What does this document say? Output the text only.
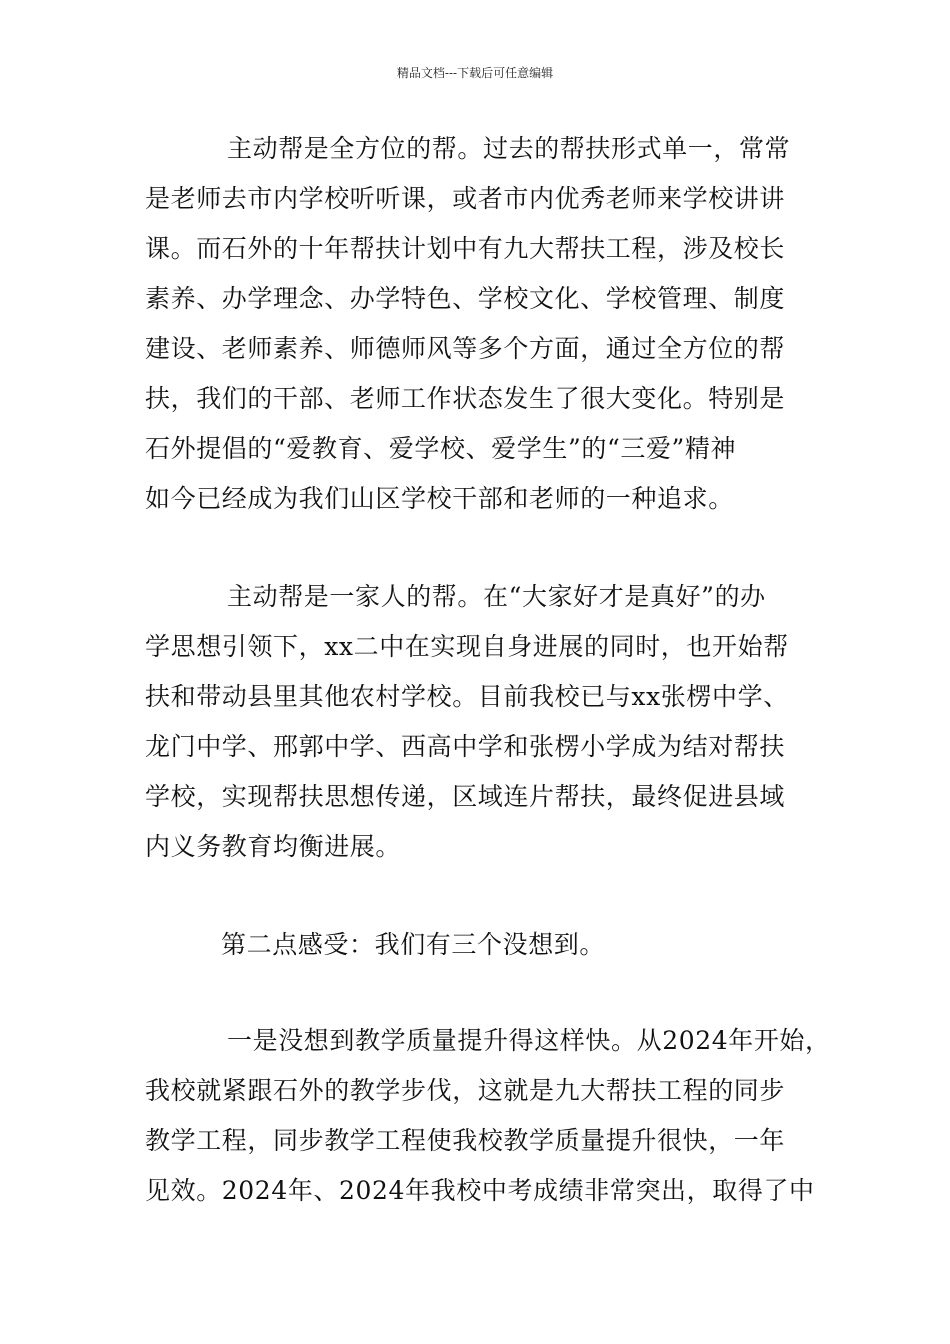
精品文档---下载后可任意编辑
主动帮是全方位的帮。过去的帮扶形式单一，常常
是老师去市内学校听听课，或者市内优秀老师来学校讲讲
课。而石外的十年帮扶计划中有九大帮扶工程，涉及校长
素养、办学理念、办学特色、学校文化、学校管理、制度
建设、老师素养、师德师风等多个方面，通过全方位的帮
扶，我们的干部、老师工作状态发生了很大变化。特别是
石外提倡的“爱教育、爱学校、爱学生”的“三爱”精神
如今已经成为我们山区学校干部和老师的一种追求。
主动帮是一家人的帮。在“大家好才是真好”的办
学思想引领下，xx二中在实现自身进展的同时，也开始帮
扶和带动县里其他农村学校。目前我校已与xx张楞中学、
龙门中学、邢郭中学、西高中学和张楞小学成为结对帮扶
学校，实现帮扶思想传递，区域连片帮扶，最终促进县域
内义务教育均衡进展。
第二点感受：我们有三个没想到。
一是没想到教学质量提升得这样快。从2024年开始，
我校就紧跟石外的教学步伐，这就是九大帮扶工程的同步
教学工程，同步教学工程使我校教学质量提升很快，一年
见效。2024年、2024年我校中考成绩非常突出，取得了中
